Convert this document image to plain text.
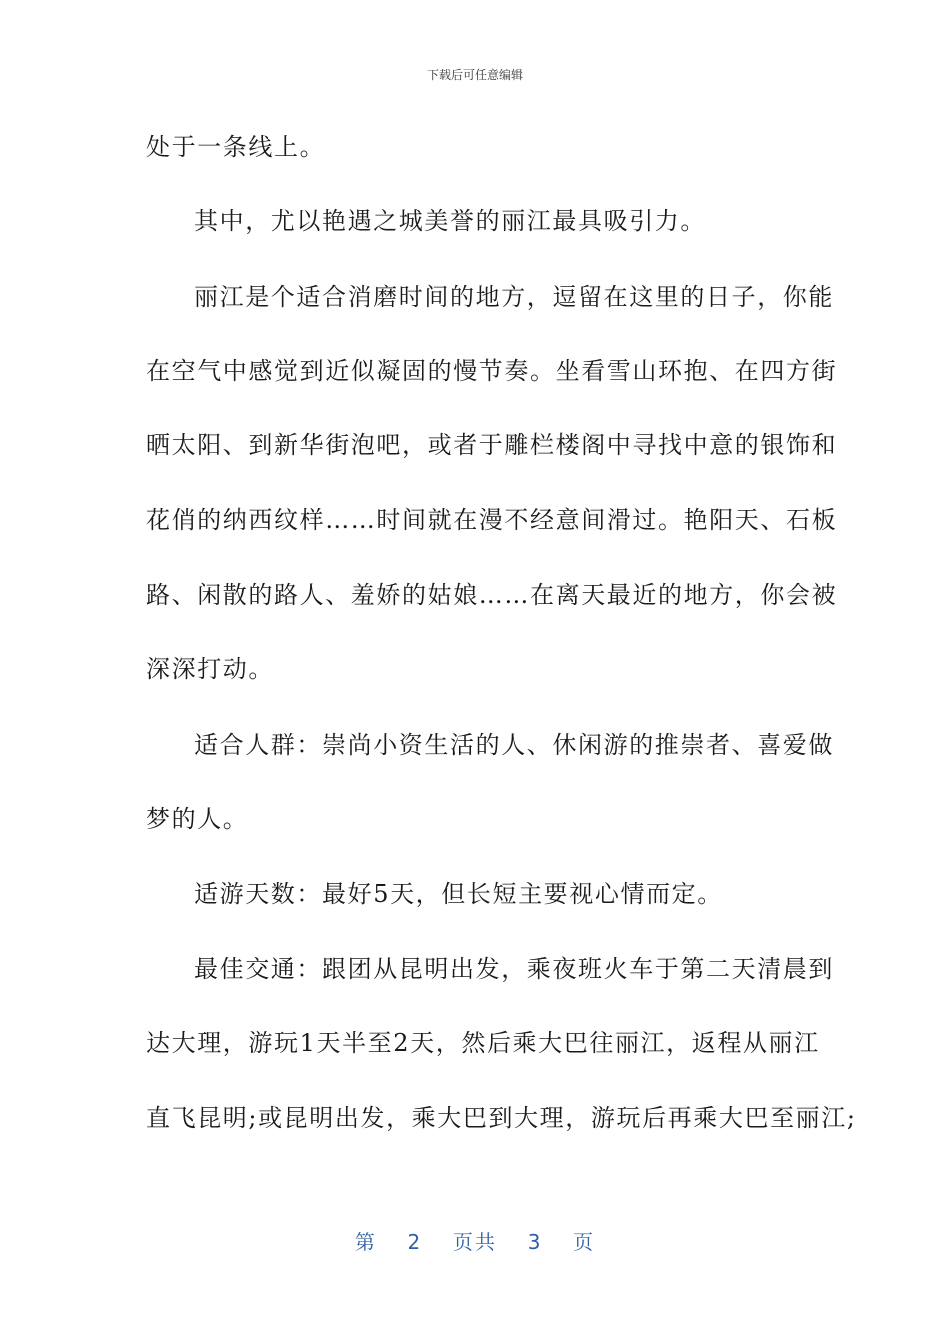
下载后可任意编辑
处于一条线上。
其中，尤以艳遇之城美誉的丽江最具吸引力。
丽江是个适合消磨时间的地方，逗留在这里的日子，你能
在空气中感觉到近似凝固的慢节奏。坐看雪山环抱、在四方街
晒太阳、到新华街泡吧，或者于雕栏楼阁中寻找中意的银饰和
花俏的纳西纹样……时间就在漫不经意间滑过。艳阳天、石板
路、闲散的路人、羞娇的姑娘……在离天最近的地方，你会被
深深打动。
适合人群：崇尚小资生活的人、休闲游的推崇者、喜爱做
梦的人。
适游天数：最好5天，但长短主要视心情而定。
最佳交通：跟团从昆明出发，乘夜班火车于第二天清晨到
达大理，游玩1天半至2天，然后乘大巴往丽江，返程从丽江
直飞昆明;或昆明出发，乘大巴到大理，游玩后再乘大巴至丽江;
第 2 页共 3 页
